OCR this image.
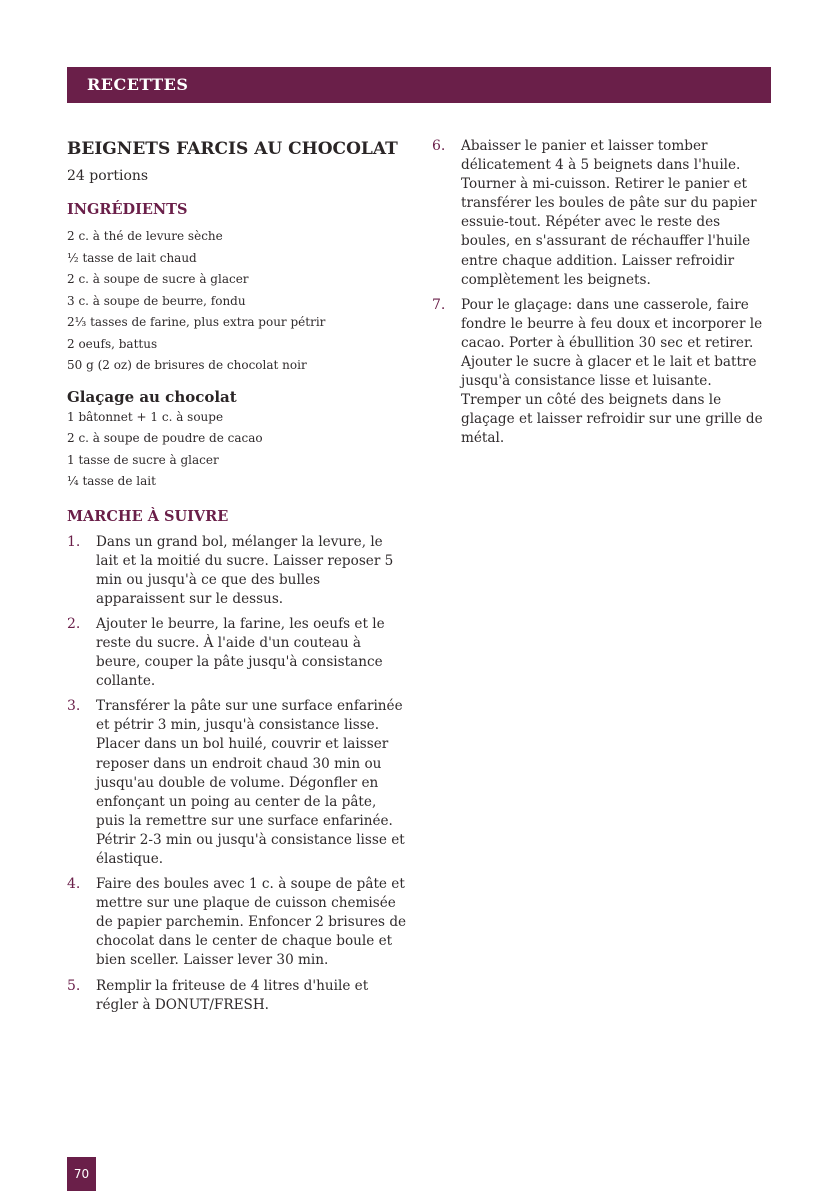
RECETTES
BEIGNETS FARCIS AU CHOCOLAT

24 portions

INGRÉDIENTS
2 c. à thé de levure sèche
½ tasse de lait chaud
2 c. à soupe de sucre à glacer
3 c. à soupe de beurre, fondu
2⅓ tasses de farine, plus extra pour pétrir
2 oeufs, battus
50 g (2 oz) de brisures de chocolat noir
Glaçage au chocolat
1 bâtonnet + 1 c. à soupe
2 c. à soupe de poudre de cacao
1 tasse de sucre à glacer
¼ tasse de lait
MARCHE À SUIVRE
1. Dans un grand bol, mélanger la levure, le lait et la moitié du sucre. Laisser reposer 5 min ou jusqu'à ce que des bulles apparaissent sur le dessus.
2. Ajouter le beurre, la farine, les oeufs et le reste du sucre. À l'aide d'un couteau à beure, couper la pâte jusqu'à consistance collante.
3. Transférer la pâte sur une surface enfarinée et pétrir 3 min, jusqu'à consistance lisse. Placer dans un bol huilé, couvrir et laisser reposer dans un endroit chaud 30 min ou jusqu'au double de volume. Dégonfler en enfonçant un poing au center de la pâte, puis la remettre sur une surface enfarinée. Pétrir 2-3 min ou jusqu'à consistance lisse et élastique.
4. Faire des boules avec 1 c. à soupe de pâte et mettre sur une plaque de cuisson chemisée de papier parchemin. Enfoncer 2 brisures de chocolat dans le center de chaque boule et bien sceller. Laisser lever 30 min.
5. Remplir la friteuse de 4 litres d'huile et régler à DONUT/FRESH.
6. Abaisser le panier et laisser tomber délicatement 4 à 5 beignets dans l'huile. Tourner à mi-cuisson. Retirer le panier et transférer les boules de pâte sur du papier essuie-tout. Répéter avec le reste des boules, en s'assurant de réchauffer l'huile entre chaque addition. Laisser refroidir complètement les beignets.
7. Pour le glaçage: dans une casserole, faire fondre le beurre à feu doux et incorporer le cacao. Porter à ébullition 30 sec et retirer. Ajouter le sucre à glacer et le lait et battre jusqu'à consistance lisse et luisante. Tremper un côté des beignets dans le glaçage et laisser refroidir sur une grille de métal.
70
